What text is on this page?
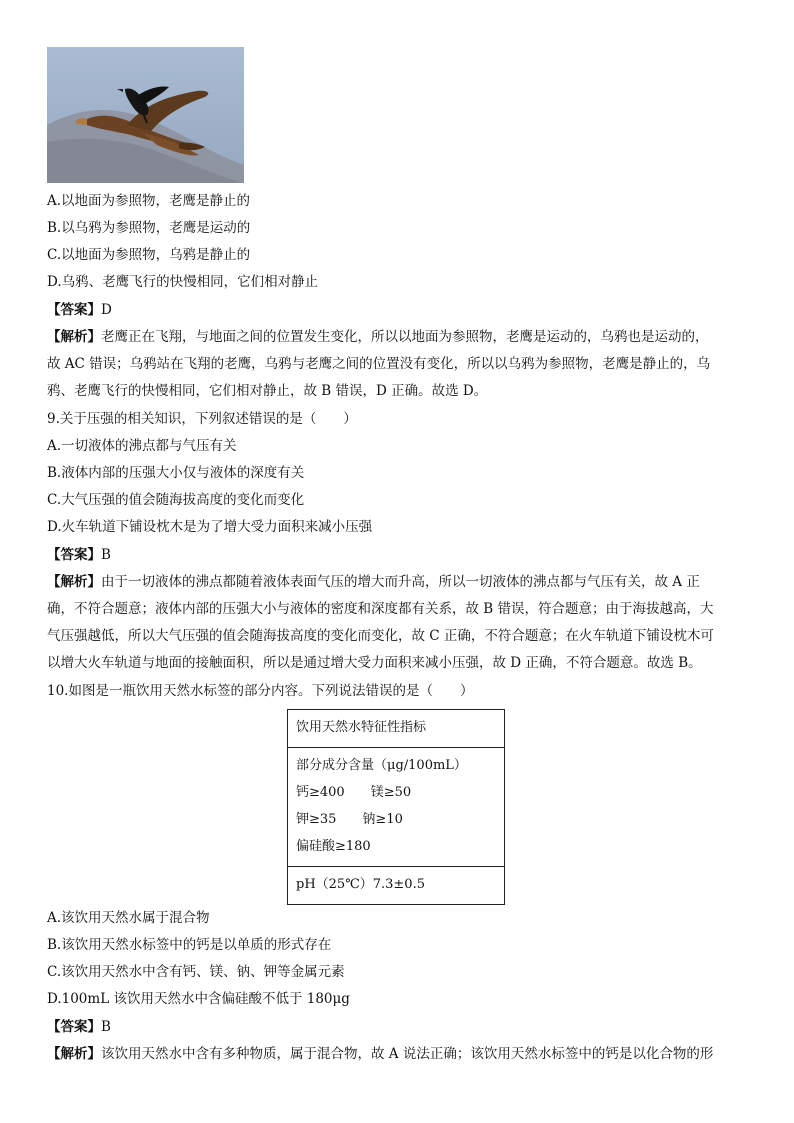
A.以地面为参照物，老鹰是静止的
B.以乌鸦为参照物，老鹰是运动的
C.以地面为参照物，乌鸦是静止的
D.乌鸦、老鹰飞行的快慢相同，它们相对静止
【答案】D
【解析】老鹰正在飞翔，与地面之间的位置发生变化，所以以地面为参照物，老鹰是运动的，乌鸦也是运动的，
故 AC 错误；乌鸦站在飞翔的老鹰，乌鸦与老鹰之间的位置没有变化，所以以乌鸦为参照物，老鹰是静止的，乌
鸦、老鹰飞行的快慢相同，它们相对静止，故 B 错误，D 正确。故选 D。
9.关于压强的相关知识，下列叙述错误的是（　　）
A.一切液体的沸点都与气压有关
B.液体内部的压强大小仅与液体的深度有关
C.大气压强的值会随海拔高度的变化而变化
D.火车轨道下铺设枕木是为了增大受力面积来减小压强
【答案】B
【解析】由于一切液体的沸点都随着液体表面气压的增大而升高，所以一切液体的沸点都与气压有关，故 A 正
确，不符合题意；液体内部的压强大小与液体的密度和深度都有关系，故 B 错误，符合题意；由于海拔越高，大
气压强越低，所以大气压强的值会随海拔高度的变化而变化，故 C 正确，不符合题意；在火车轨道下铺设枕木可
以增大火车轨道与地面的接触面积，所以是通过增大受力面积来减小压强，故 D 正确，不符合题意。故选 B。
10.如图是一瓶饮用天然水标签的部分内容。下列说法错误的是（　　）
饮用天然水特征性指标
部分成分含量（μg/100mL）
钙≥400　　镁≥50
钾≥35　　钠≥10
偏硅酸≥180
pH（25℃）7.3±0.5
A.该饮用天然水属于混合物
B.该饮用天然水标签中的钙是以单质的形式存在
C.该饮用天然水中含有钙、镁、钠、钾等金属元素
D.100mL 该饮用天然水中含偏硅酸不低于 180μg
【答案】B
【解析】该饮用天然水中含有多种物质，属于混合物，故 A 说法正确；该饮用天然水标签中的钙是以化合物的形
